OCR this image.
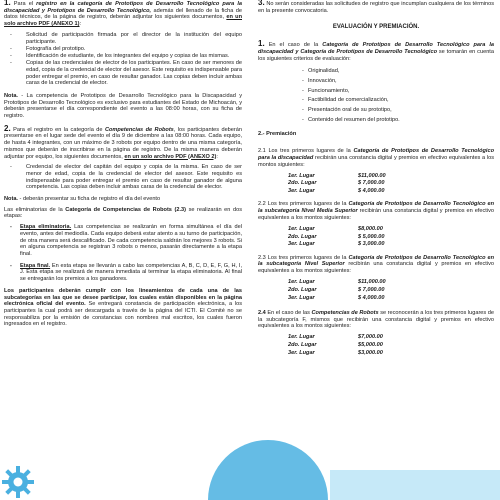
1. Para el registro en la categoría de Prototipos de Desarrollo Tecnológico para la discapacidad y Prototipos de Desarrollo Tecnológico, además del llenado de la ficha de datos técnicos, de la página de registro, deberán adjuntar los siguientes documentos, en un solo archivo PDF (ANEXO 1):

- Solicitud de participación firmada por el director de la institución del equipo participante.
- Fotografía del prototipo.
- Identificación de estudiante, de los integrantes del equipo y copias de las mismas.
- Copias de las credenciales de elector de los participantes. En caso de ser menores de edad, copia de la credencial de elector del asesor. Este requisito es indispensable para poder entregar el premio, en caso de resultar ganador. Las copias deben incluir ambas caras de la credencial de elector.

Nota. - La competencia de Prototipos de Desarrollo Tecnológico para la Discapacidad y Prototipos de Desarrollo Tecnológico es exclusivo para estudiantes del Estado de Michoacán, y deberán presentarse el día correspondiente del evento a las 08:00 horas, con su ficha de registro.

2. Para el registro en la categoría de Competencias de Robots, los participantes deberán presentarse en el lugar sede del evento el día 9 de diciembre a las 08:00 horas. Cada equipo, de hasta 4 integrantes, con un máximo de 3 robots por equipo dentro de una misma categoría, mismos que deberán de inscribirse en la página de registro. De la misma manera deberán adjuntar por equipo, los siguientes documentos, en un solo archivo PDF (ANEXO 2):

- Credencial de elector del capitán del equipo y copia de la misma. En caso de ser menor de edad, copia de la credencial de elector del asesor. Este requisito es indispensable para poder entregar el premio en caso de resultar ganador de alguna competencia. Las copias deben incluir ambas caras de la credencial de elector.

Nota. - deberán presentar su ficha de registro el día del evento

Las eliminatorias de la Categoría de Competencias de Robots (2.3) se realizarán en dos etapas:

- Etapa eliminatoria. Las competencias se realizarán en forma simultánea el día del evento, antes del mediodía. Cada equipo deberá estar atento a su turno de participación, de otra manera será descalificado. De cada competencia saldrán los mejores 3 robots. Si en alguna competencia se registran 3 robots o menos, pasarán directamente a la etapa final.
- Etapa final. En esta etapa se llevarán a cabo las competencias A, B, C, D, E, F, G, H, I, J. Esta etapa se realizará de manera inmediata al terminar la etapa eliminatoria. Al final se entregarán los premios a los ganadores.

Los participantes deberán cumplir con los lineamientos de cada una de las subcategorías en las que se desee participar, los cuales están disponibles en la página electrónica oficial del evento. Se entregará constancia de participación electrónica, a los participantes la cual podrá ser descargada a través de la página del ICTI. El Comité no se responsabiliza por la emisión de constancias con nombres mal escritos, los cuales fueron ingresados en el registro.

3. No serán consideradas las solicitudes de registro que incumplan cualquiera de los términos en la presente convocatoria.

EVALUACIÓN Y PREMIACIÓN.

1. En el caso de la Categoría de Prototipos de Desarrollo Tecnológico para la discapacidad y Categoría de Prototipos de Desarrollo Tecnológico se tomarán en cuenta los siguientes criterios de evaluación:

- Originalidad,
- Innovación,
- Funcionamiento,
- Factibilidad de comercialización,
- Presentación oral de su prototipo,
- Contenido del resumen del prototipo.

2.- Premiación

2.1 Los tres primeros lugares de la Categoría de Prototipos de Desarrollo Tecnológico para la discapacidad recibirán una constancia digital y premios en efectivo equivalentes a los montos siguientes:

1er. Lugar	$11,000.00
2do. Lugar	$ 7,000.00
3er. Lugar	$ 4,000.00

2.2 Los tres primeros lugares de la Categoría de Prototipos de Desarrollo Tecnológico en la subcategoría Nivel Media Superior recibirán una constancia digital y premios en efectivo equivalentes a los montos siguientes:

1er. Lugar	$8,000.00
2do. Lugar	$ 5,000.00
3er. Lugar	$ 3,000.00

2.3 Los tres primeros lugares de la Categoría de Prototipos de Desarrollo Tecnológico en la subcategoría Nivel Superior recibirán una constancia digital y premios en efectivo equivalentes a los montos siguientes:

1er. Lugar	$11,000.00
2do. Lugar	$ 7,000.00
3er. Lugar	$ 4,000.00

2.4 En el caso de las Competencias de Robots se reconocerán a los tres primeros lugares de la subcategoría F, mismos que recibirán una constancia digital y premios en efectivo equivalentes a los montos siguientes:

1er. Lugar	$7,000.00
2do. Lugar	$5,000.00
3er. Lugar	$3,000.00
